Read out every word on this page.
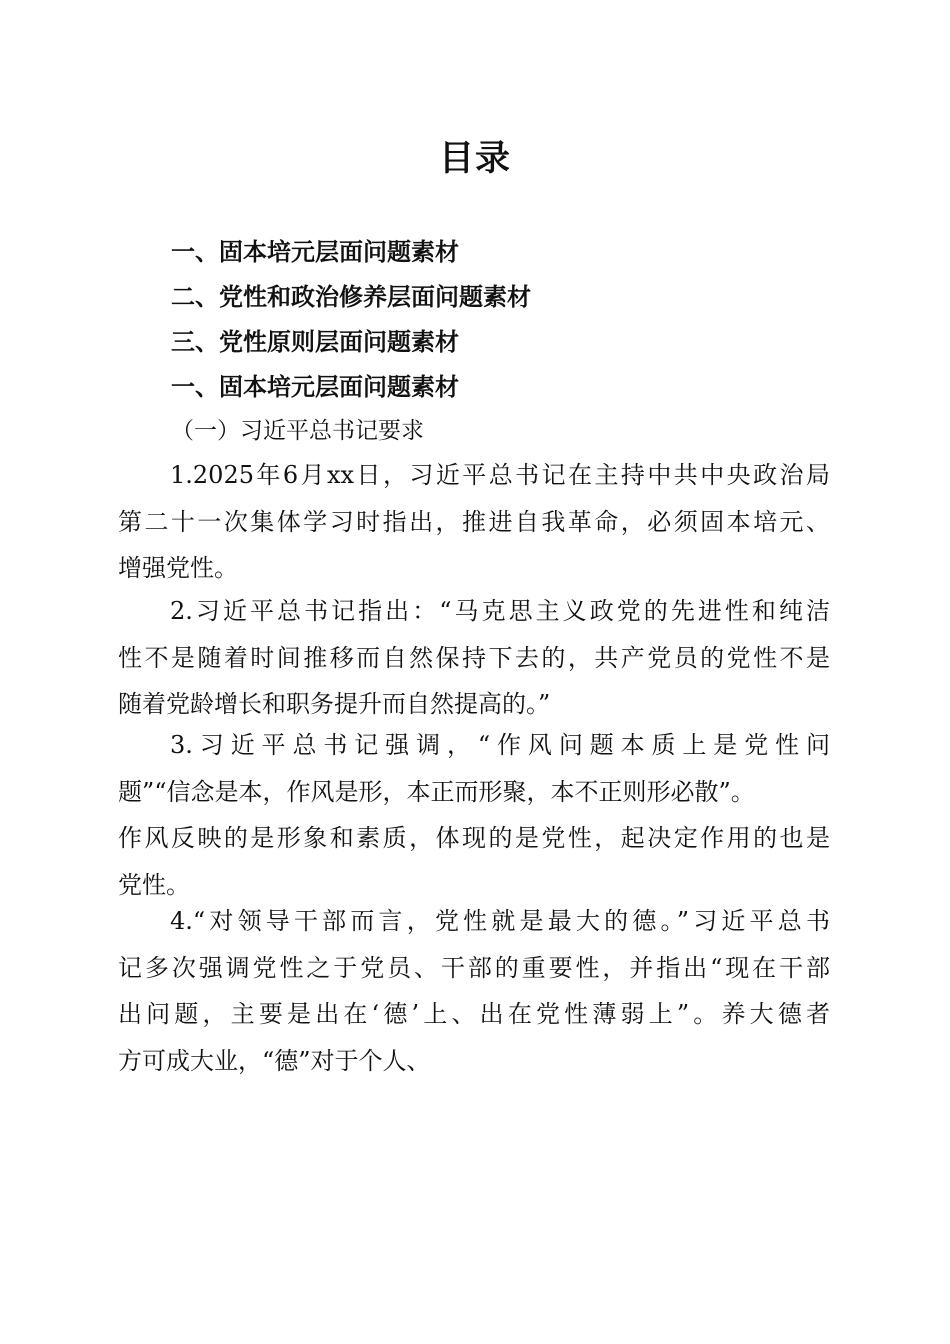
目录
一、固本培元层面问题素材
二、党性和政治修养层面问题素材
三、党性原则层面问题素材
一、固本培元层面问题素材
（一）习近平总书记要求
1.2025年6月xx日，习近平总书记在主持中共中央政治局
第二十一次集体学习时指出，推进自我革命，必须固本培元、
增强党性。
2.习近平总书记指出：“马克思主义政党的先进性和纯洁
性不是随着时间推移而自然保持下去的，共产党员的党性不是
随着党龄增长和职务提升而自然提高的。”
3.习近平总书记强调，“作风问题本质上是党性问
题”“信念是本，作风是形，本正而形聚，本不正则形必散”。
作风反映的是形象和素质，体现的是党性，起决定作用的也是
党性。
4.“对领导干部而言，党性就是最大的德。”习近平总书
记多次强调党性之于党员、干部的重要性，并指出“现在干部
出问题，主要是出在‘德’上、出在党性薄弱上”。养大德者
方可成大业，“德”对于个人、
